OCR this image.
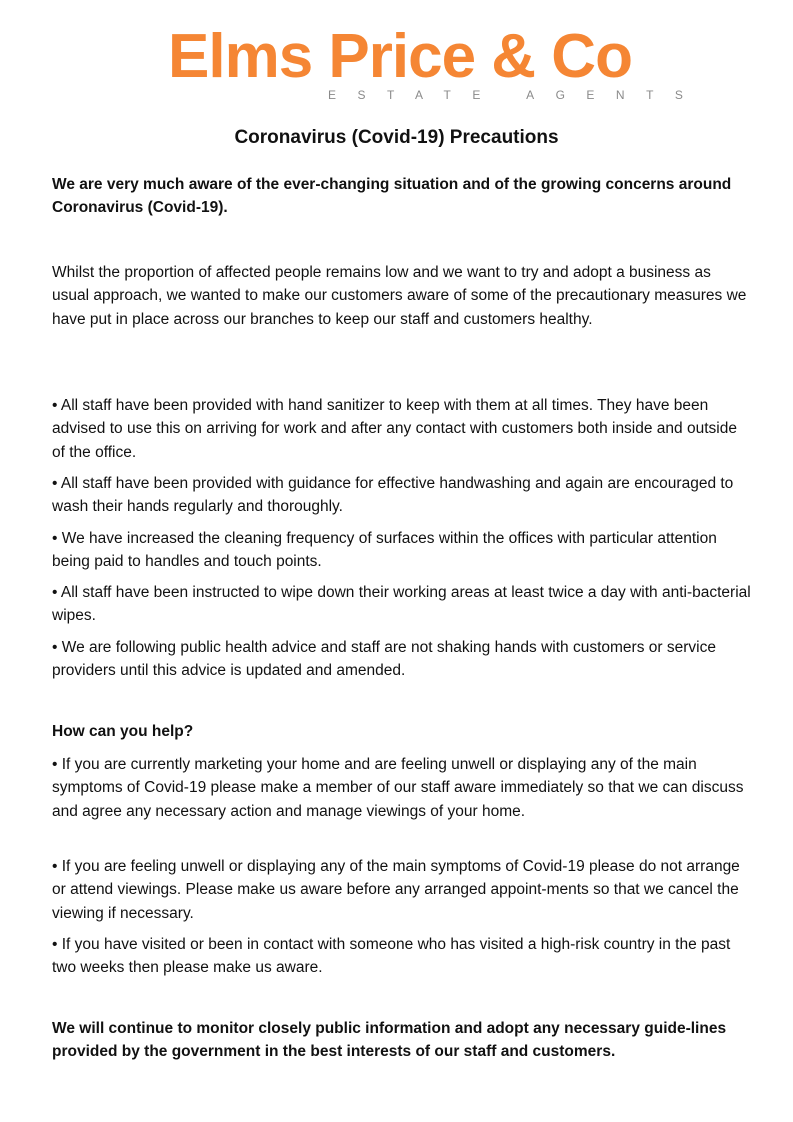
Elms Price & Co
ESTATE AGENTS
Coronavirus (Covid-19) Precautions

We are very much aware of the ever-changing situation and of the growing concerns around Coronavirus (Covid-19).

Whilst the proportion of affected people remains low and we want to try and adopt a business as usual approach, we wanted to make our customers aware of some of the precautionary measures we have put in place across our branches to keep our staff and customers healthy.

• All staff have been provided with hand sanitizer to keep with them at all times. They have been advised to use this on arriving for work and after any contact with customers both inside and outside of the office.

• All staff have been provided with guidance for effective handwashing and again are encouraged to wash their hands regularly and thoroughly.

• We have increased the cleaning frequency of surfaces within the offices with particular attention being paid to handles and touch points.

• All staff have been instructed to wipe down their working areas at least twice a day with anti-bacterial wipes.

• We are following public health advice and staff are not shaking hands with customers or service providers until this advice is updated and amended.

How can you help?

• If you are currently marketing your home and are feeling unwell or displaying any of the main symptoms of Covid-19 please make a member of our staff aware immediately so that we can discuss and agree any necessary action and manage viewings of your home.

• If you are feeling unwell or displaying any of the main symptoms of Covid-19 please do not arrange or attend viewings. Please make us aware before any arranged appoint-ments so that we cancel the viewing if necessary.

• If you have visited or been in contact with someone who has visited a high-risk country in the past two weeks then please make us aware.

We will continue to monitor closely public information and adopt any necessary guide-lines provided by the government in the best interests of our staff and customers.
